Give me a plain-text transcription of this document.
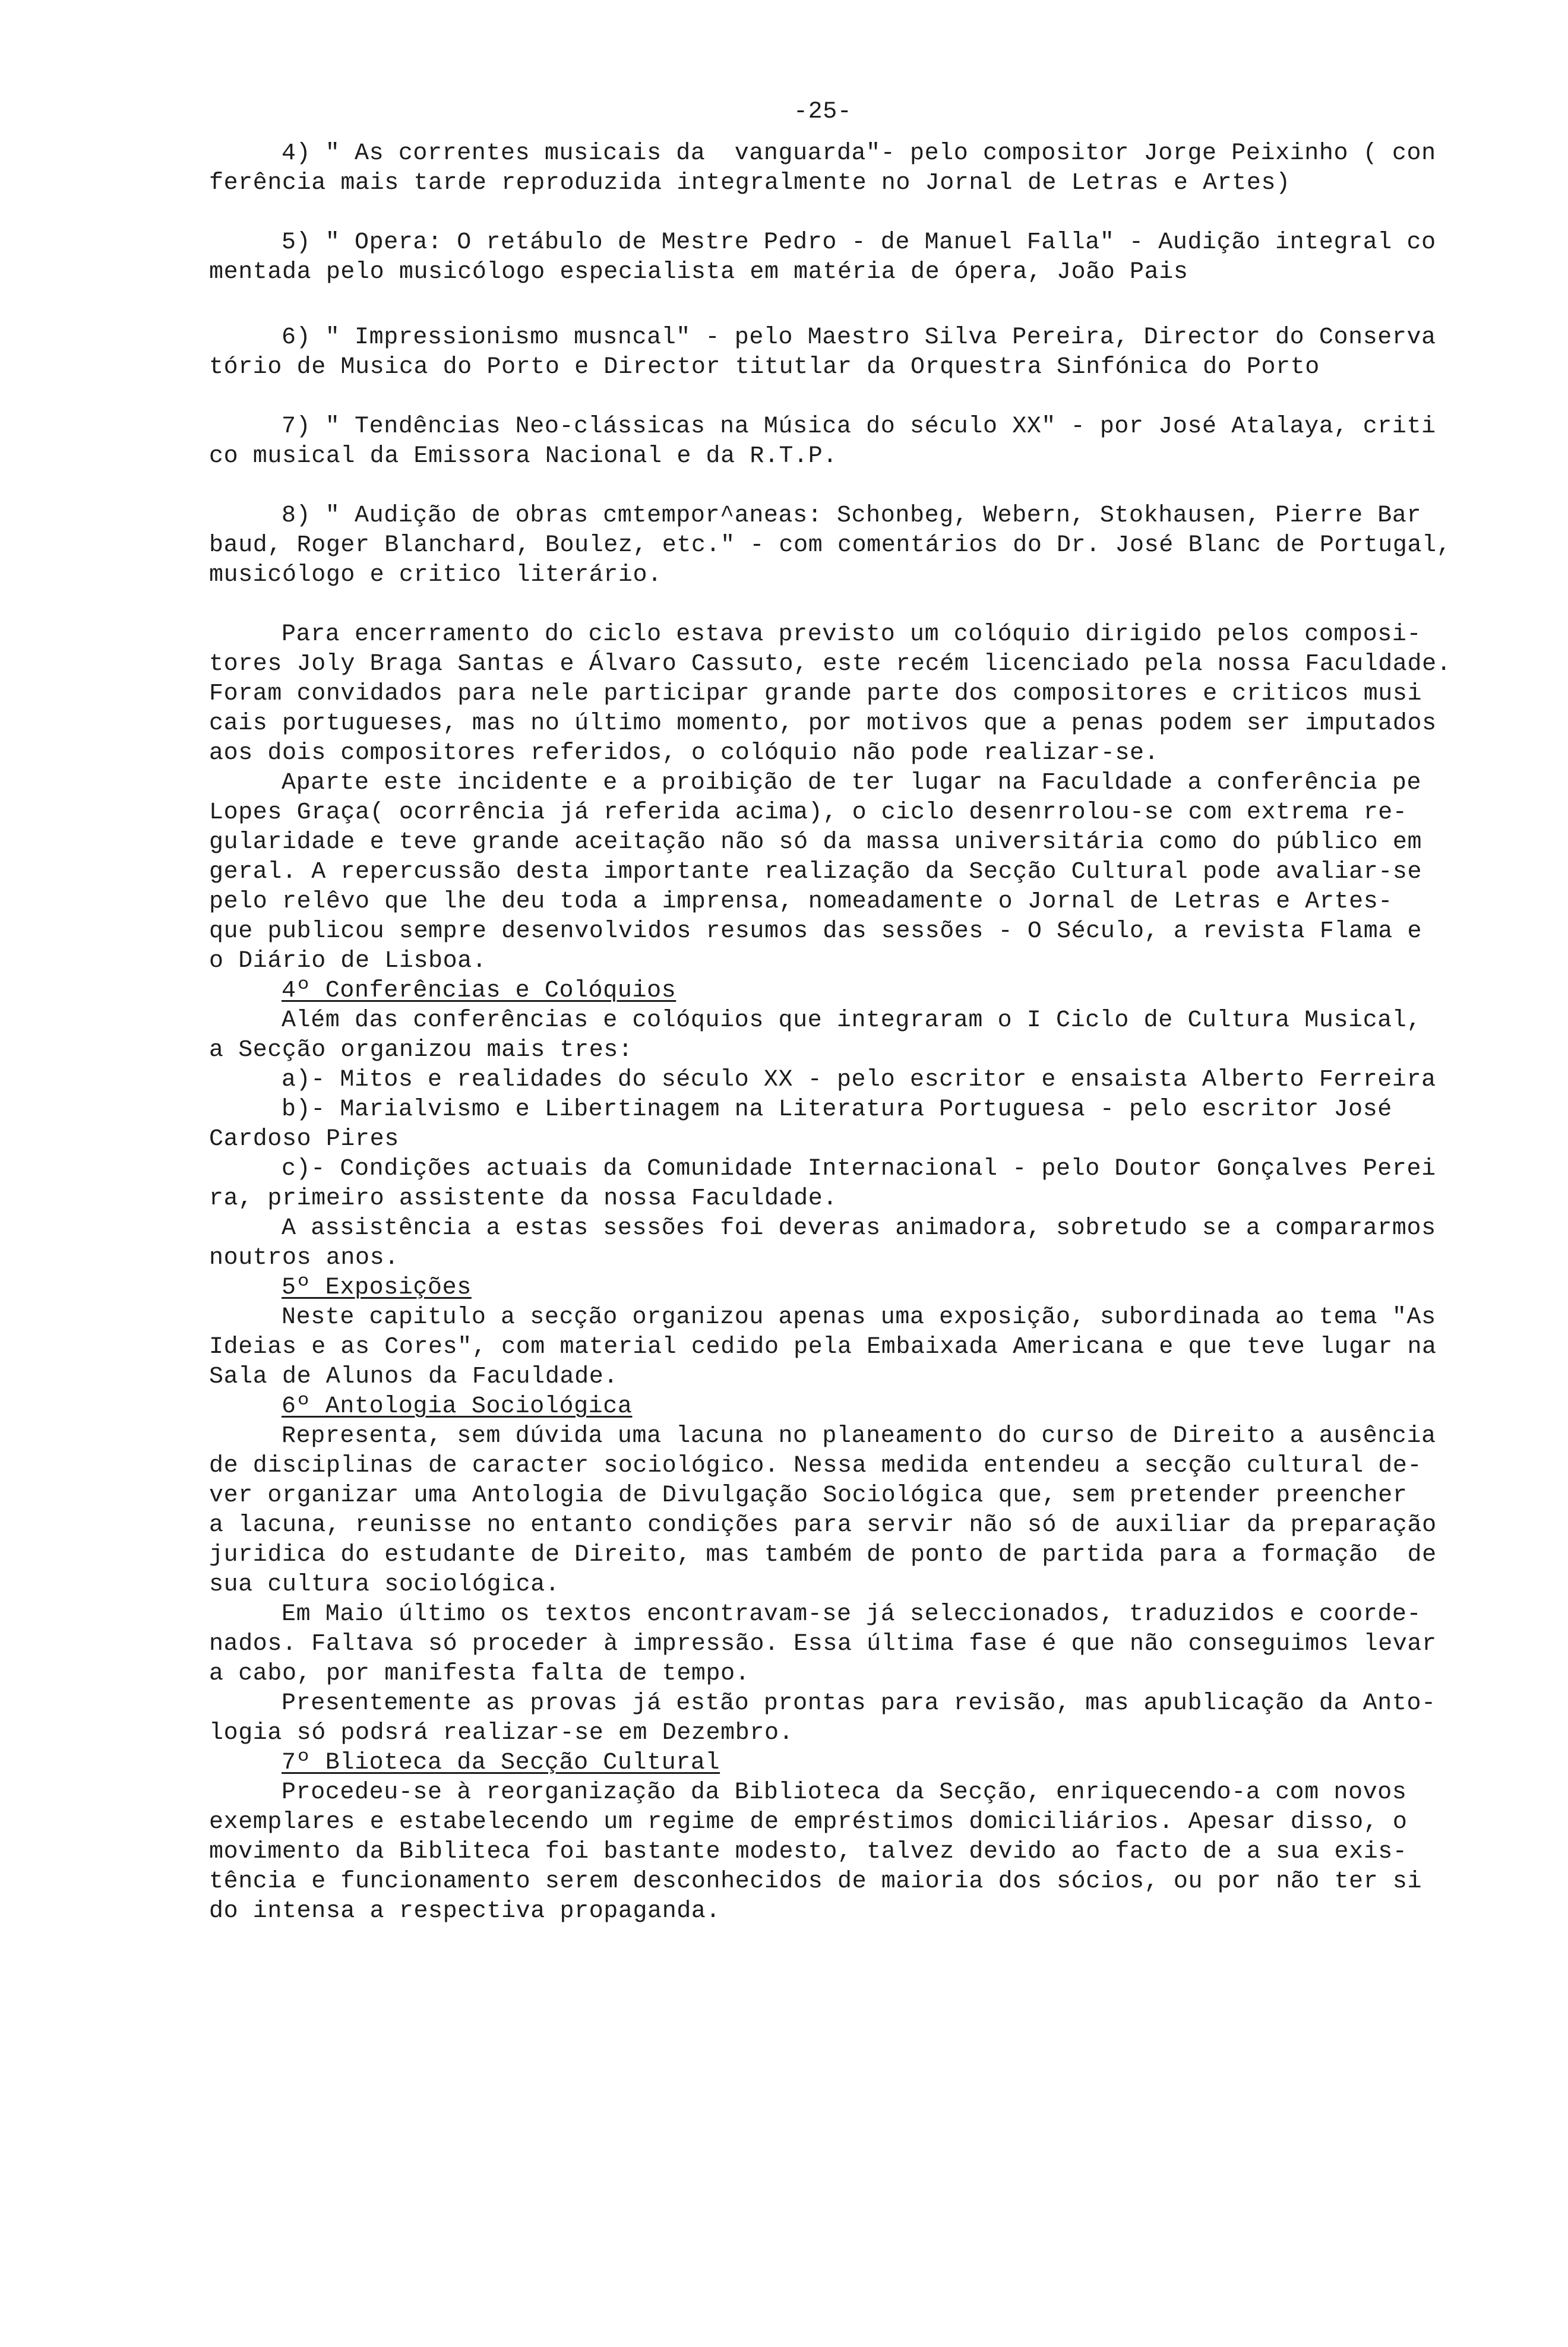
-25-
4) " As correntes musicais da  vanguarda"- pelo compositor Jorge Peixinho ( con
ferência mais tarde reproduzida integralmente no Jornal de Letras e Artes)
5) " Opera: O retábulo de Mestre Pedro - de Manuel Falla" - Audição integral co
mentada pelo musicólogo especialista em matéria de ópera, João Pais
6) " Impressionismo musncal" - pelo Maestro Silva Pereira, Director do Conserva
tório de Musica do Porto e Director titutlar da Orquestra Sinfónica do Porto
7) " Tendências Neo-clássicas na Música do século XX" - por José Atalaya, criti
co musical da Emissora Nacional e da R.T.P.
8) " Audição de obras cmtempor^aneas: Schonbeg, Webern, Stokhausen, Pierre Bar
baud, Roger Blanchard, Boulez, etc." - com comentários do Dr. José Blanc de Portugal,
musicólogo e critico literário.
Para encerramento do ciclo estava previsto um colóquio dirigido pelos composi-
tores Joly Braga Santas e Álvaro Cassuto, este recém licenciado pela nossa Faculdade.
Foram convidados para nele participar grande parte dos compositores e criticos musi
cais portugueses, mas no último momento, por motivos que a penas podem ser imputados
aos dois compositores referidos, o colóquio não pode realizar-se.
Aparte este incidente e a proibição de ter lugar na Faculdade a conferência pe
Lopes Graça( ocorrência já referida acima), o ciclo desenrrolou-se com extrema re-
gularidade e teve grande aceitação não só da massa universitária como do público em
geral. A repercussão desta importante realização da Secção Cultural pode avaliar-se
pelo relêvo que lhe deu toda a imprensa, nomeadamente o Jornal de Letras e Artes-
que publicou sempre desenvolvidos resumos das sessões - O Século, a revista Flama e
o Diário de Lisboa.
4º Conferências e Colóquios
Além das conferências e colóquios que integraram o I Ciclo de Cultura Musical,
a Secção organizou mais tres:
a)- Mitos e realidades do século XX - pelo escritor e ensaista Alberto Ferreira
b)- Marialvismo e Libertinagem na Literatura Portuguesa - pelo escritor José
Cardoso Pires
c)- Condições actuais da Comunidade Internacional - pelo Doutor Gonçalves Perei
ra, primeiro assistente da nossa Faculdade.
A assistência a estas sessões foi deveras animadora, sobretudo se a compararmos
noutros anos.
5º Exposições
Neste capitulo a secção organizou apenas uma exposição, subordinada ao tema "As
Ideias e as Cores", com material cedido pela Embaixada Americana e que teve lugar na
Sala de Alunos da Faculdade.
6º Antologia Sociológica
Representa, sem dúvida uma lacuna no planeamento do curso de Direito a ausência
de disciplinas de caracter sociológico. Nessa medida entendeu a secção cultural de-
ver organizar uma Antologia de Divulgação Sociológica que, sem pretender preencher
a lacuna, reunisse no entanto condições para servir não só de auxiliar da preparação
juridica do estudante de Direito, mas também de ponto de partida para a formação  de
sua cultura sociológica.
Em Maio último os textos encontravam-se já seleccionados, traduzidos e coorde-
nados. Faltava só proceder à impressão. Essa última fase é que não conseguimos levar
a cabo, por manifesta falta de tempo.
Presentemente as provas já estão prontas para revisão, mas apublicação da Anto-
logia só podsrá realizar-se em Dezembro.
7º Blioteca da Secção Cultural
Procedeu-se à reorganização da Biblioteca da Secção, enriquecendo-a com novos
exemplares e estabelecendo um regime de empréstimos domiciliários. Apesar disso, o
movimento da Bibliteca foi bastante modesto, talvez devido ao facto de a sua exis-
tência e funcionamento serem desconhecidos de maioria dos sócios, ou por não ter si
do intensa a respectiva propaganda.
